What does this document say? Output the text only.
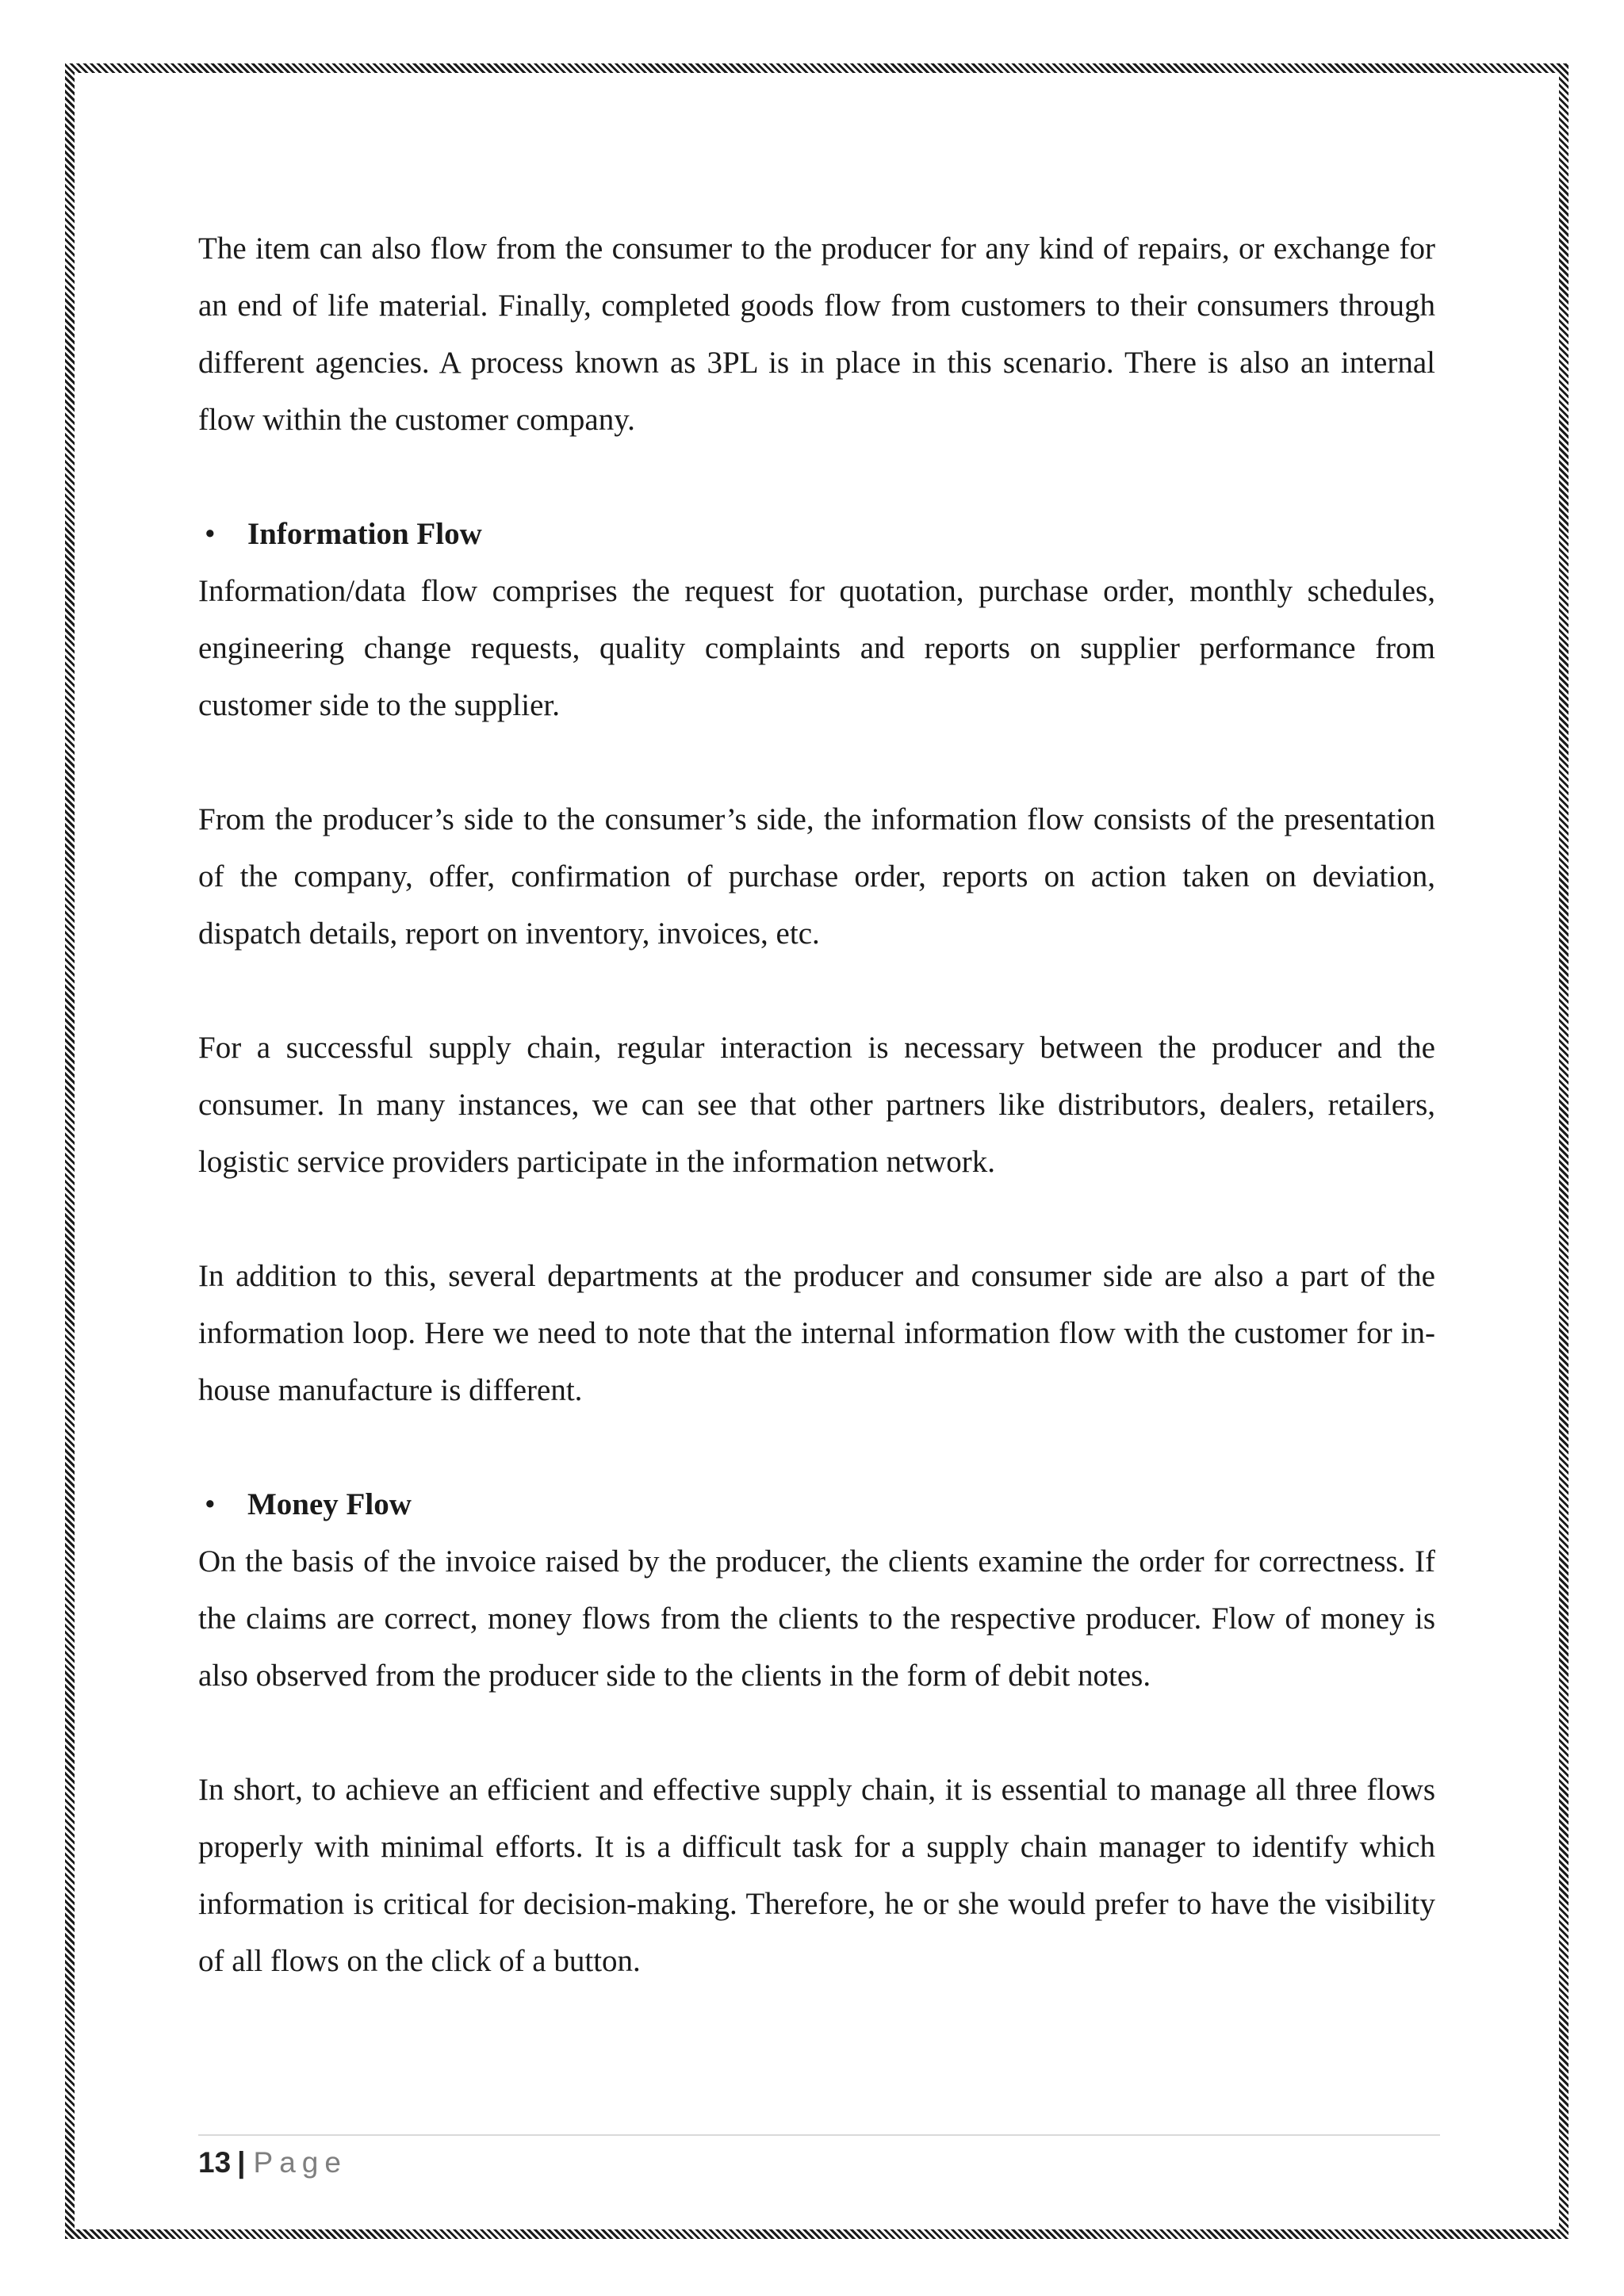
The item can also flow from the consumer to the producer for any kind of repairs, or exchange for an end of life material. Finally, completed goods flow from customers to their consumers through different agencies. A process known as 3PL is in place in this scenario. There is also an internal flow within the customer company.

• Information Flow

Information/data flow comprises the request for quotation, purchase order, monthly schedules, engineering change requests, quality complaints and reports on supplier performance from customer side to the supplier.

From the producer’s side to the consumer’s side, the information flow consists of the presentation of the company, offer, confirmation of purchase order, reports on action taken on deviation, dispatch details, report on inventory, invoices, etc.

For a successful supply chain, regular interaction is necessary between the producer and the consumer. In many instances, we can see that other partners like distributors, dealers, retailers, logistic service providers participate in the information network.

In addition to this, several departments at the producer and consumer side are also a part of the information loop. Here we need to note that the internal information flow with the customer for in-house manufacture is different.

• Money Flow

On the basis of the invoice raised by the producer, the clients examine the order for correctness. If the claims are correct, money flows from the clients to the respective producer. Flow of money is also observed from the producer side to the clients in the form of debit notes.

In short, to achieve an efficient and effective supply chain, it is essential to manage all three flows properly with minimal efforts. It is a difficult task for a supply chain manager to identify which information is critical for decision-making. Therefore, he or she would prefer to have the visibility of all flows on the click of a button.

13 | Page
